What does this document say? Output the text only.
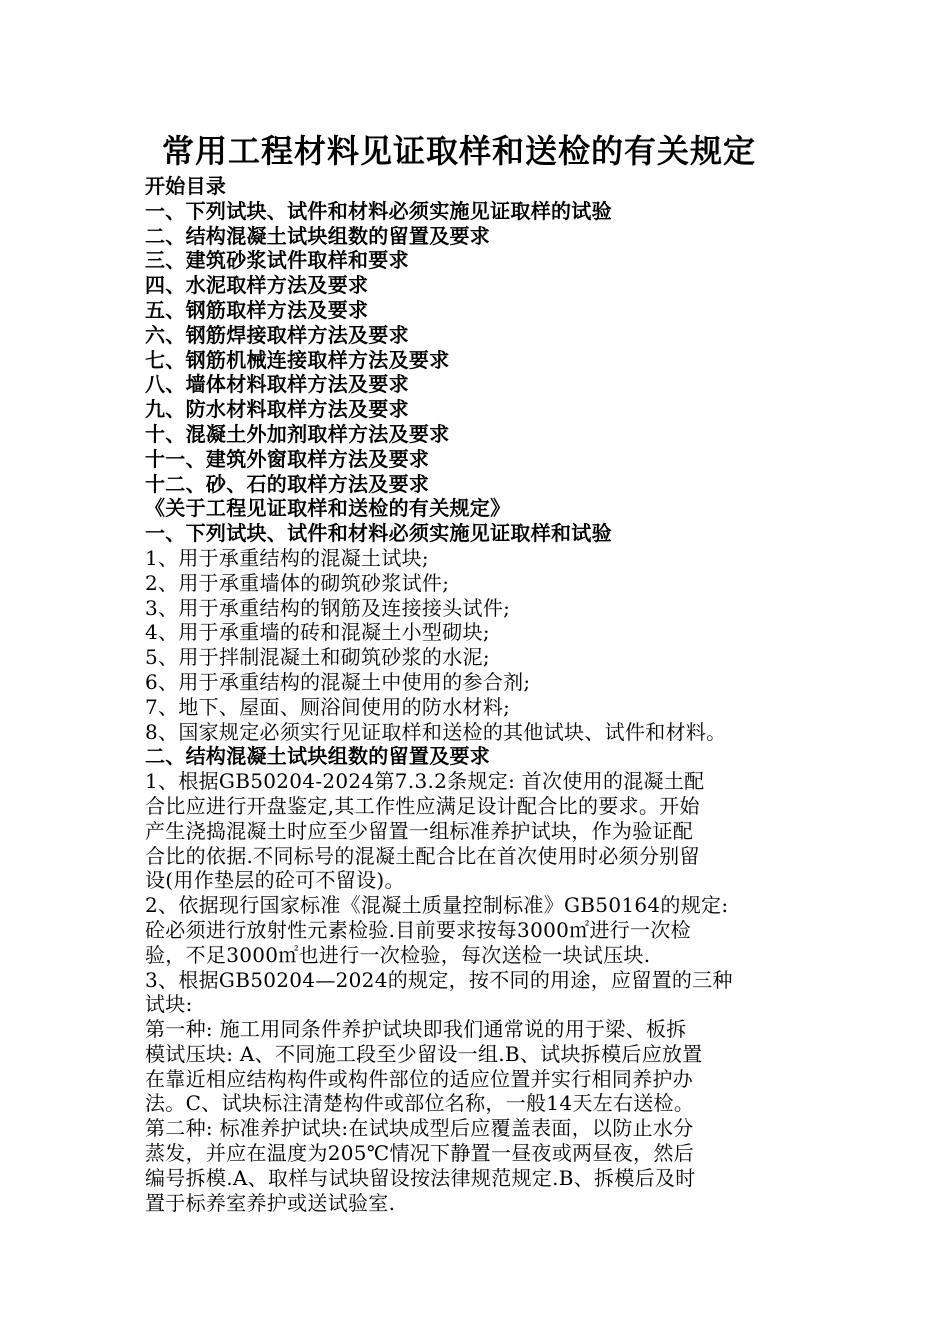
常用工程材料见证取样和送检的有关规定
开始目录
一、下列试块、试件和材料必须实施见证取样的试验
二、结构混凝土试块组数的留置及要求
三、建筑砂浆试件取样和要求
四、水泥取样方法及要求
五、钢筋取样方法及要求
六、钢筋焊接取样方法及要求
七、钢筋机械连接取样方法及要求
八、墙体材料取样方法及要求
九、防水材料取样方法及要求
十、混凝土外加剂取样方法及要求
十一、建筑外窗取样方法及要求
十二、砂、石的取样方法及要求
《关于工程见证取样和送检的有关规定》
一、下列试块、试件和材料必须实施见证取样和试验
1、用于承重结构的混凝土试块;
2、用于承重墙体的砌筑砂浆试件;
3、用于承重结构的钢筋及连接接头试件;
4、用于承重墙的砖和混凝土小型砌块;
5、用于拌制混凝土和砌筑砂浆的水泥;
6、用于承重结构的混凝土中使用的参合剂;
7、地下、屋面、厕浴间使用的防水材料;
8、国家规定必须实行见证取样和送检的其他试块、试件和材料。
二、结构混凝土试块组数的留置及要求
1、根据GB50204-2024第7.3.2条规定: 首次使用的混凝土配
合比应进行开盘鉴定,其工作性应满足设计配合比的要求。开始
产生浇捣混凝土时应至少留置一组标准养护试块，作为验证配
合比的依据.不同标号的混凝土配合比在首次使用时必须分别留
设(用作垫层的砼可不留设)。
2、依据现行国家标准《混凝土质量控制标准》GB50164的规定:
砼必须进行放射性元素检验.目前要求按每3000㎡进行一次检
验，不足3000㎡也进行一次检验，每次送检一块试压块.
3、根据GB50204—2024的规定，按不同的用途，应留置的三种
试块:
第一种: 施工用同条件养护试块即我们通常说的用于梁、板拆
模试压块: A、不同施工段至少留设一组.B、试块拆模后应放置
在靠近相应结构构件或构件部位的适应位置并实行相同养护办
法。C、试块标注清楚构件或部位名称，一般14天左右送检。
第二种: 标准养护试块:在试块成型后应覆盖表面，以防止水分
蒸发，并应在温度为205℃情况下静置一昼夜或两昼夜，然后
编号拆模.A、取样与试块留设按法律规范规定.B、拆模后及时
置于标养室养护或送试验室.
